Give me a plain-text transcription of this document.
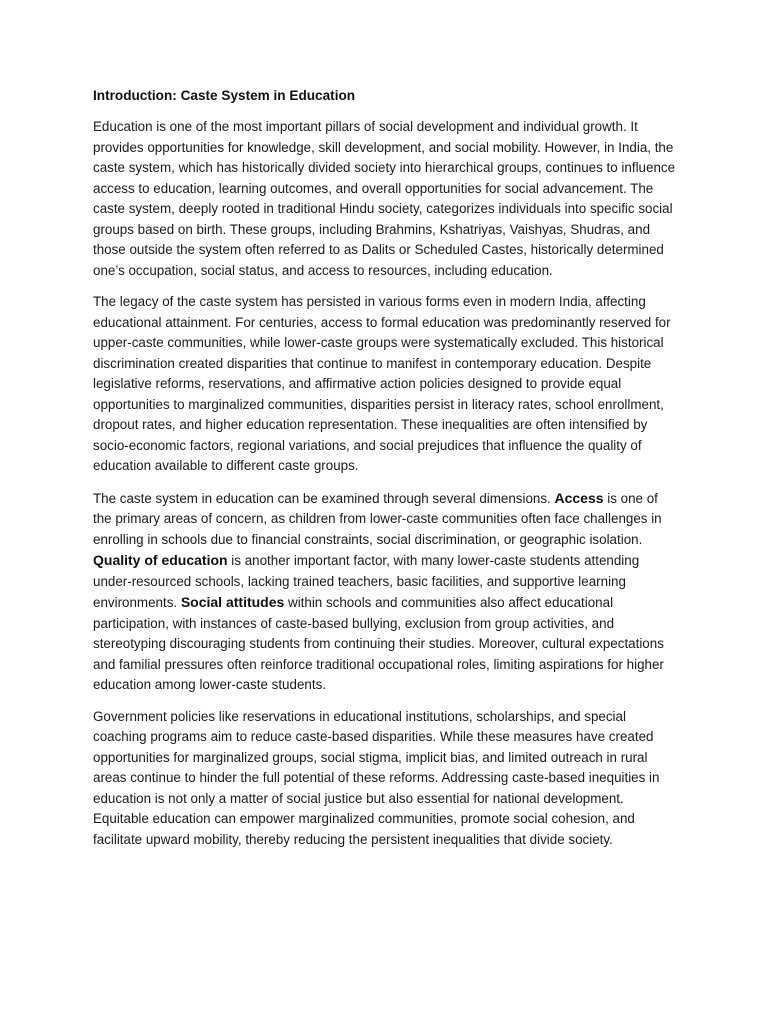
Introduction: Caste System in Education
Education is one of the most important pillars of social development and individual growth. It provides opportunities for knowledge, skill development, and social mobility. However, in India, the caste system, which has historically divided society into hierarchical groups, continues to influence access to education, learning outcomes, and overall opportunities for social advancement. The caste system, deeply rooted in traditional Hindu society, categorizes individuals into specific social groups based on birth. These groups, including Brahmins, Kshatriyas, Vaishyas, Shudras, and those outside the system often referred to as Dalits or Scheduled Castes, historically determined one’s occupation, social status, and access to resources, including education.
The legacy of the caste system has persisted in various forms even in modern India, affecting educational attainment. For centuries, access to formal education was predominantly reserved for upper-caste communities, while lower-caste groups were systematically excluded. This historical discrimination created disparities that continue to manifest in contemporary education. Despite legislative reforms, reservations, and affirmative action policies designed to provide equal opportunities to marginalized communities, disparities persist in literacy rates, school enrollment, dropout rates, and higher education representation. These inequalities are often intensified by socio-economic factors, regional variations, and social prejudices that influence the quality of education available to different caste groups.
The caste system in education can be examined through several dimensions. Access is one of the primary areas of concern, as children from lower-caste communities often face challenges in enrolling in schools due to financial constraints, social discrimination, or geographic isolation. Quality of education is another important factor, with many lower-caste students attending under-resourced schools, lacking trained teachers, basic facilities, and supportive learning environments. Social attitudes within schools and communities also affect educational participation, with instances of caste-based bullying, exclusion from group activities, and stereotyping discouraging students from continuing their studies. Moreover, cultural expectations and familial pressures often reinforce traditional occupational roles, limiting aspirations for higher education among lower-caste students.
Government policies like reservations in educational institutions, scholarships, and special coaching programs aim to reduce caste-based disparities. While these measures have created opportunities for marginalized groups, social stigma, implicit bias, and limited outreach in rural areas continue to hinder the full potential of these reforms. Addressing caste-based inequities in education is not only a matter of social justice but also essential for national development. Equitable education can empower marginalized communities, promote social cohesion, and facilitate upward mobility, thereby reducing the persistent inequalities that divide society.
